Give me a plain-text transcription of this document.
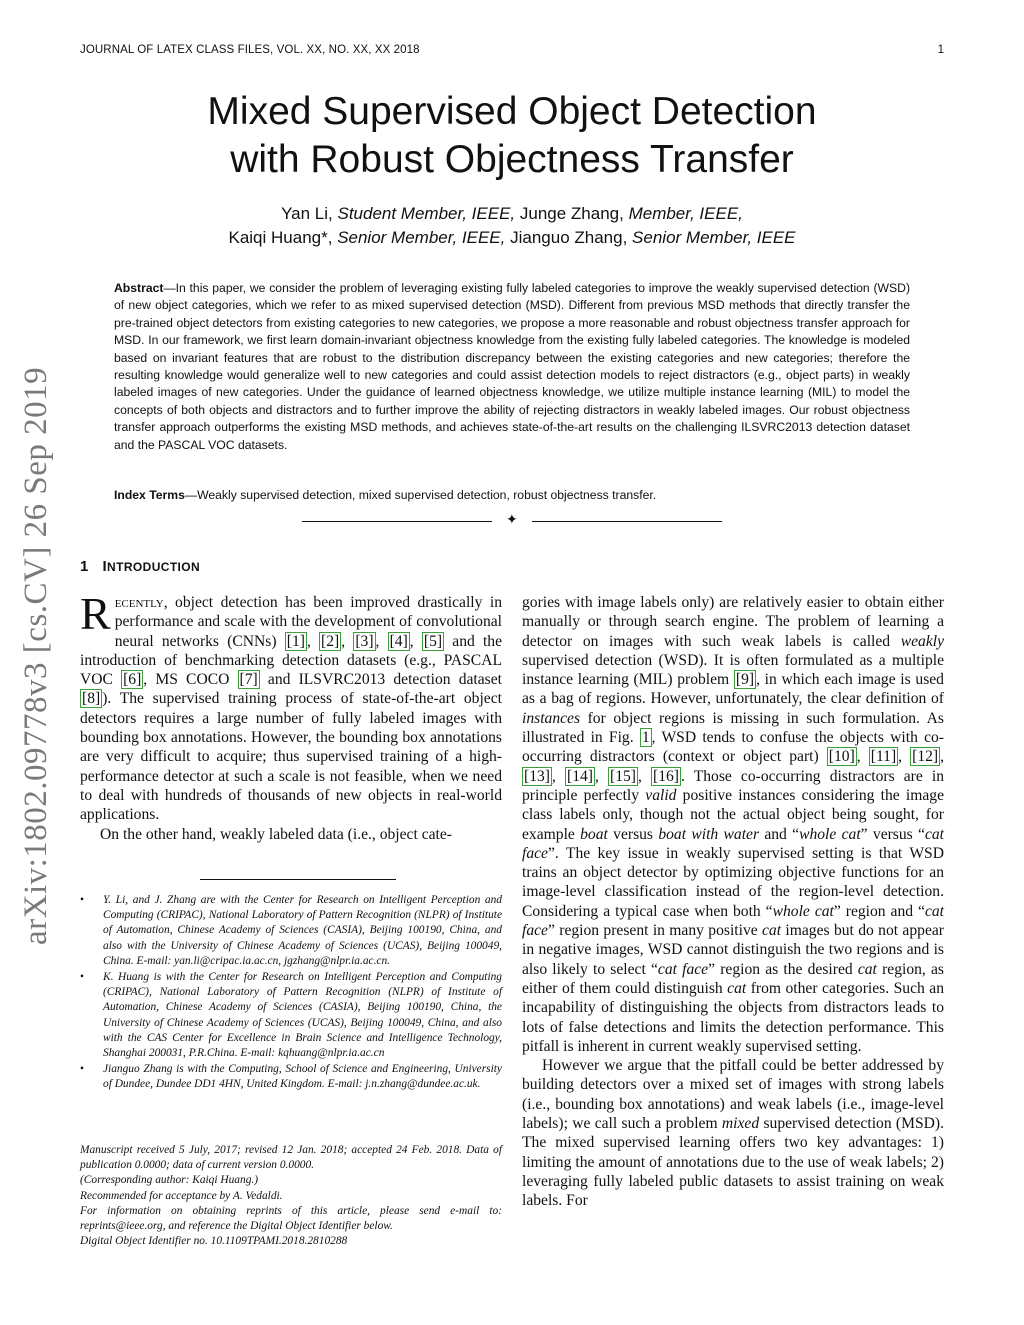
JOURNAL OF LATEX CLASS FILES, VOL. XX, NO. XX, XX 2018	1
arXiv:1802.09778v3 [cs.CV] 26 Sep 2019
Mixed Supervised Object Detection
with Robust Objectness Transfer
Yan Li, Student Member, IEEE, Junge Zhang, Member, IEEE,
Kaiqi Huang*, Senior Member, IEEE, Jianguo Zhang, Senior Member, IEEE
Abstract—In this paper, we consider the problem of leveraging existing fully labeled categories to improve the weakly supervised detection (WSD) of new object categories, which we refer to as mixed supervised detection (MSD). Different from previous MSD methods that directly transfer the pre-trained object detectors from existing categories to new categories, we propose a more reasonable and robust objectness transfer approach for MSD. In our framework, we first learn domain-invariant objectness knowledge from the existing fully labeled categories. The knowledge is modeled based on invariant features that are robust to the distribution discrepancy between the existing categories and new categories; therefore the resulting knowledge would generalize well to new categories and could assist detection models to reject distractors (e.g., object parts) in weakly labeled images of new categories. Under the guidance of learned objectness knowledge, we utilize multiple instance learning (MIL) to model the concepts of both objects and distractors and to further improve the ability of rejecting distractors in weakly labeled images. Our robust objectness transfer approach outperforms the existing MSD methods, and achieves state-of-the-art results on the challenging ILSVRC2013 detection dataset and the PASCAL VOC datasets.
Index Terms—Weakly supervised detection, mixed supervised detection, robust objectness transfer.
✦
1 INTRODUCTION

Recently, object detection has been improved drastically in performance and scale with the development of convolutional neural networks (CNNs) [1] , [2] , [3] , [4] , [5] and the introduction of benchmarking detection datasets (e.g., PASCAL VOC [6] , MS COCO [7] and ILSVRC2013 detection dataset [8] ). The supervised training process of state-of-the-art object detectors requires a large number of fully labeled images with bounding box annotations. However, the bounding box annotations are very difficult to acquire; thus supervised training of a high-performance detector at such a scale is not feasible, when we need to deal with hundreds of thousands of new objects in real-world applications.

On the other hand, weakly labeled data (i.e., object cate-

• Y. Li, and J. Zhang are with the Center for Research on Intelligent Perception and Computing (CRIPAC), National Laboratory of Pattern Recognition (NLPR) of Institute of Automation, Chinese Academy of Sciences (CASIA), Beijing 100190, China, and also with the University of Chinese Academy of Sciences (UCAS), Beijing 100049, China. E-mail: yan.li@cripac.ia.ac.cn, jgzhang@nlpr.ia.ac.cn.
• K. Huang is with the Center for Research on Intelligent Perception and Computing (CRIPAC), National Laboratory of Pattern Recognition (NLPR) of Institute of Automation, Chinese Academy of Sciences (CASIA), Beijing 100190, China, the University of Chinese Academy of Sciences (UCAS), Beijing 100049, China, and also with the CAS Center for Excellence in Brain Science and Intelligence Technology, Shanghai 200031, P.R.China. E-mail: kqhuang@nlpr.ia.ac.cn
• Jianguo Zhang is with the Computing, School of Science and Engineering, University of Dundee, Dundee DD1 4HN, United Kingdom. E-mail: j.n.zhang@dundee.ac.uk.
Manuscript received 5 July, 2017; revised 12 Jan. 2018; accepted 24 Feb. 2018. Data of publication 0.0000; data of current version 0.0000.
(Corresponding author: Kaiqi Huang.)
Recommended for acceptance by A. Vedaldi.
For information on obtaining reprints of this article, please send e-mail to: reprints@ieee.org, and reference the Digital Object Identifier below.
Digital Object Identifier no. 10.1109TPAMI.2018.2810288

gories with image labels only) are relatively easier to obtain either manually or through search engine. The problem of learning a detector on images with such weak labels is called weakly supervised detection (WSD). It is often formulated as a multiple instance learning (MIL) problem [9] , in which each image is used as a bag of regions. However, unfortunately, the clear definition of instances for object regions is missing in such formulation. As illustrated in Fig. 1 , WSD tends to confuse the objects with co-occurring distractors (context or object part) [10] , [11] , [12] , [13] , [14] , [15] , [16] . Those co-occurring distractors are in principle perfectly valid positive instances considering the image class labels only, though not the actual object being sought, for example boat versus boat with water and “whole cat” versus “cat face”. The key issue in weakly supervised setting is that WSD trains an object detector by optimizing objective functions for an image-level classification instead of the region-level detection. Considering a typical case when both “whole cat” region and “cat face” region present in many positive cat images but do not appear in negative images, WSD cannot distinguish the two regions and is also likely to select “cat face” region as the desired cat region, as either of them could distinguish cat from other categories. Such an incapability of distinguishing the objects from distractors leads to lots of false detections and limits the detection performance. This pitfall is inherent in current weakly supervised setting.

However we argue that the pitfall could be better addressed by building detectors over a mixed set of images with strong labels (i.e., bounding box annotations) and weak labels (i.e., image-level labels); we call such a problem mixed supervised detection (MSD). The mixed supervised learning offers two key advantages: 1) limiting the amount of annotations due to the use of weak labels; 2) leveraging fully labeled public datasets to assist training on weak labels. For
